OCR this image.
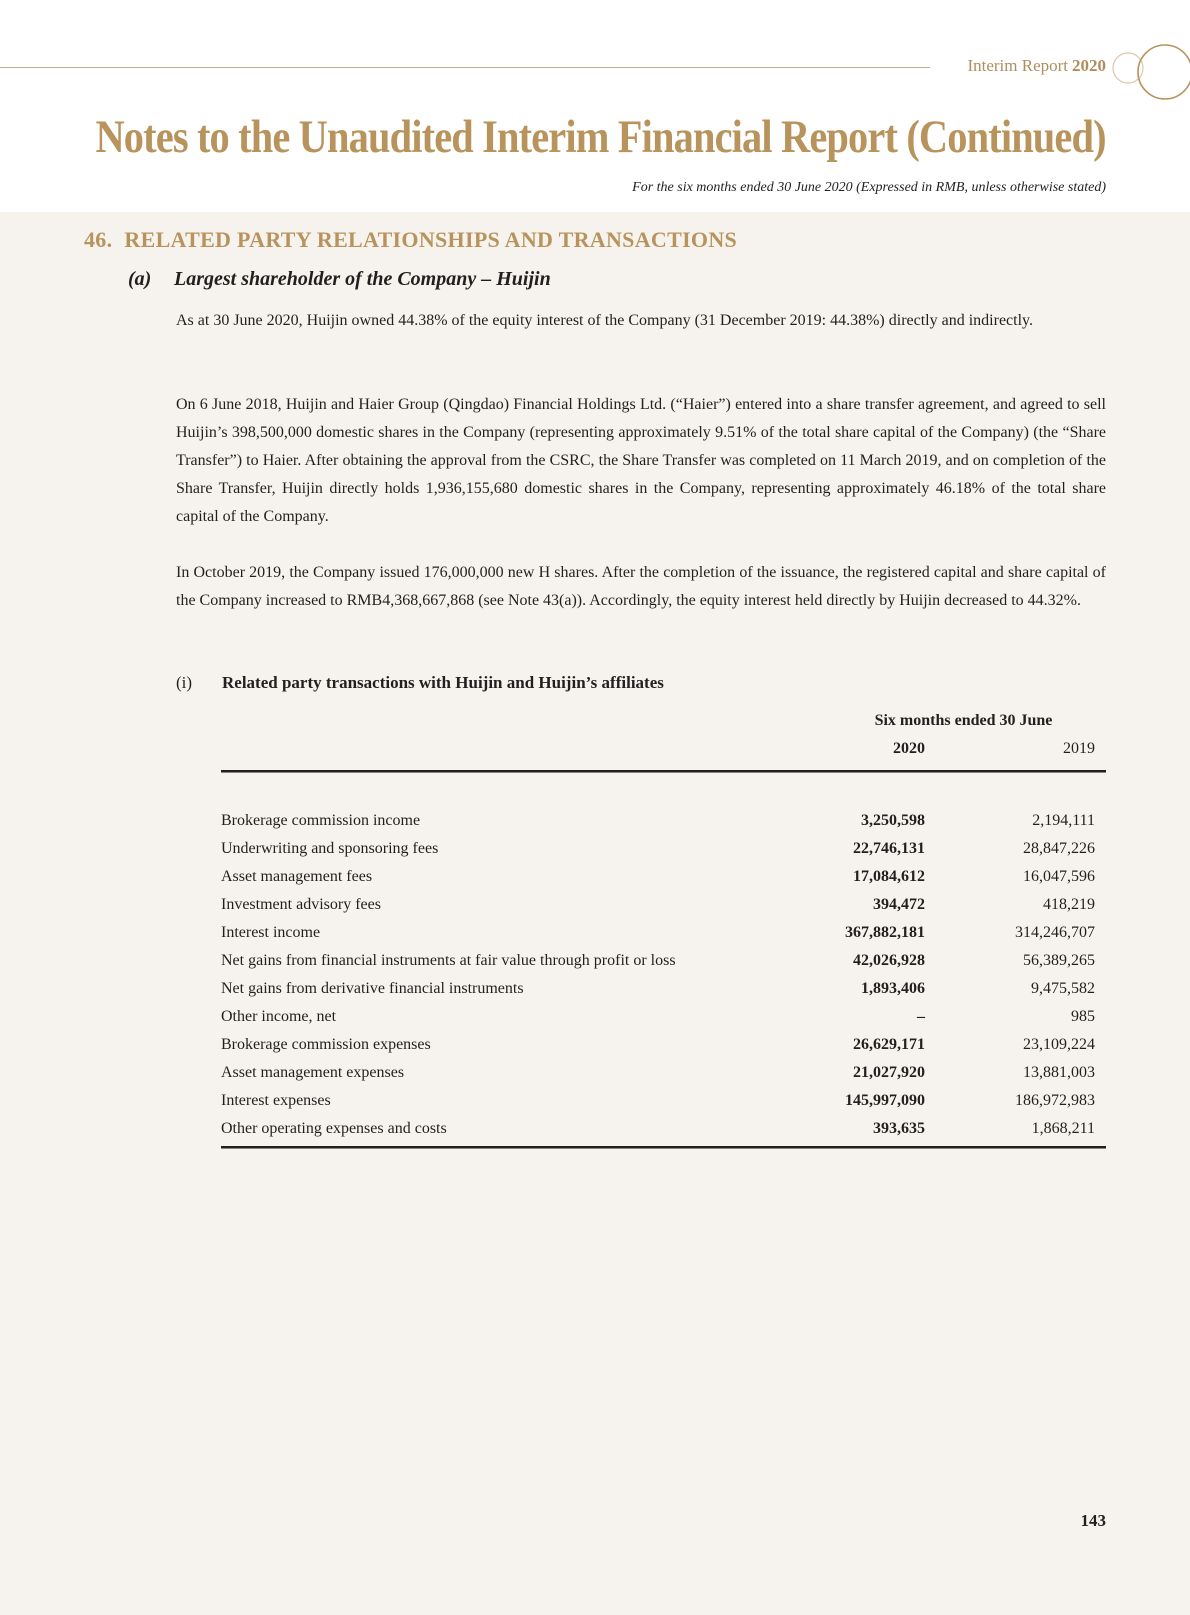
Interim Report 2020
Notes to the Unaudited Interim Financial Report (Continued)
For the six months ended 30 June 2020 (Expressed in RMB, unless otherwise stated)
46. RELATED PARTY RELATIONSHIPS AND TRANSACTIONS
(a) Largest shareholder of the Company – Huijin

As at 30 June 2020, Huijin owned 44.38% of the equity interest of the Company (31 December 2019: 44.38%) directly and indirectly.

On 6 June 2018, Huijin and Haier Group (Qingdao) Financial Holdings Ltd. (“Haier”) entered into a share transfer agreement, and agreed to sell Huijin’s 398,500,000 domestic shares in the Company (representing approximately 9.51% of the total share capital of the Company) (the “Share Transfer”) to Haier. After obtaining the approval from the CSRC, the Share Transfer was completed on 11 March 2019, and on completion of the Share Transfer, Huijin directly holds 1,936,155,680 domestic shares in the Company, representing approximately 46.18% of the total share capital of the Company.

In October 2019, the Company issued 176,000,000 new H shares. After the completion of the issuance, the registered capital and share capital of the Company increased to RMB4,368,667,868 (see Note 43(a)). Accordingly, the equity interest held directly by Huijin decreased to 44.32%.

(i) Related party transactions with Huijin and Huijin’s affiliates
Six months ended 30 June
2020	2019
Brokerage commission income	3,250,598	2,194,111
Underwriting and sponsoring fees	22,746,131	28,847,226
Asset management fees	17,084,612	16,047,596
Investment advisory fees	394,472	418,219
Interest income	367,882,181	314,246,707
Net gains from financial instruments at fair value through profit or loss	42,026,928	56,389,265
Net gains from derivative financial instruments	1,893,406	9,475,582
Other income, net	–	985
Brokerage commission expenses	26,629,171	23,109,224
Asset management expenses	21,027,920	13,881,003
Interest expenses	145,997,090	186,972,983
Other operating expenses and costs	393,635	1,868,211
143
